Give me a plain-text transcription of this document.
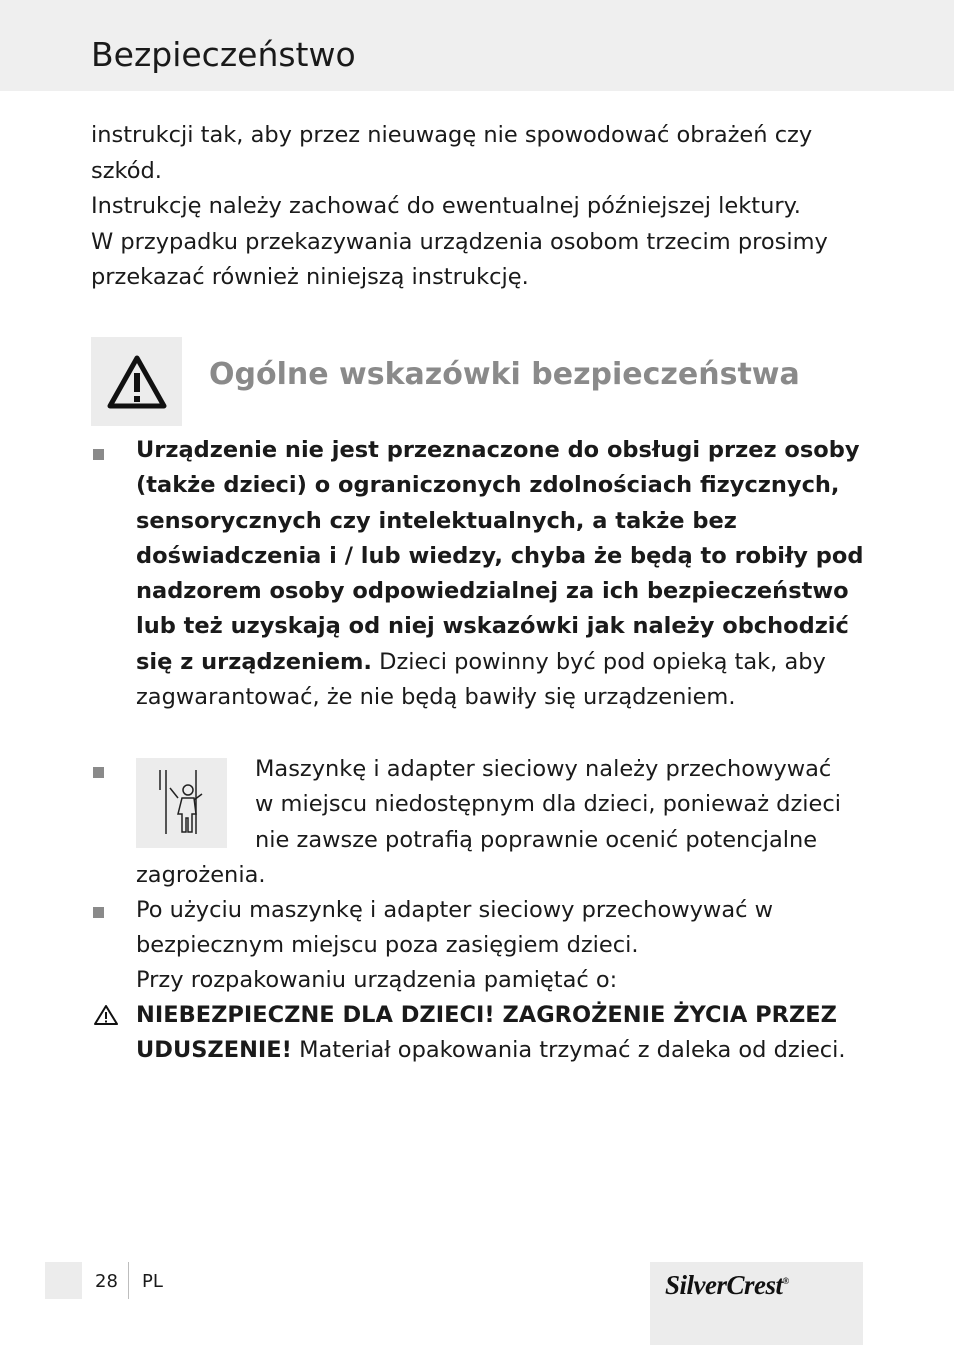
Bezpieczeństwo

instrukcji tak, aby przez nieuwagę nie spowodować obrażeń czy szkód.

Instrukcję należy zachować do ewentualnej późniejszej lektury.

W przypadku przekazywania urządzenia osobom trzecim prosimy przekazać również niniejszą instrukcję.

Ogólne wskazówki bezpieczeństwa
Urządzenie nie jest przeznaczone do obsługi przez osoby (także dzieci) o ograniczonych zdolnościach fizycznych, sensorycznych czy intelektualnych, a także bez doświadczenia i / lub wiedzy, chyba że będą to robiły pod nadzorem osoby odpowiedzialnej za ich bezpieczeństwo lub też uzyskają od niej wskazówki jak należy obchodzić się z urządzeniem. Dzieci powinny być pod opieką tak, aby zagwarantować, że nie będą bawiły się urządzeniem.
Maszynkę i adapter sieciowy należy przechowywać
w miejscu niedostępnym dla dzieci, ponieważ dzieci
nie zawsze potrafią poprawnie ocenić potencjalne
zagrożenia.
Po użyciu maszynkę i adapter sieciowy przechowywać w bezpiecznym miejscu poza zasięgiem dzieci.
Przy rozpakowaniu urządzenia pamiętać o:
NIEBEZPIECZNE DLA DZIECI! ZAGROŻENIE ŻYCIA PRZEZ UDUSZENIE! Materiał opakowania trzymać z daleka od dzieci.
28 PL	SilverCrest®
